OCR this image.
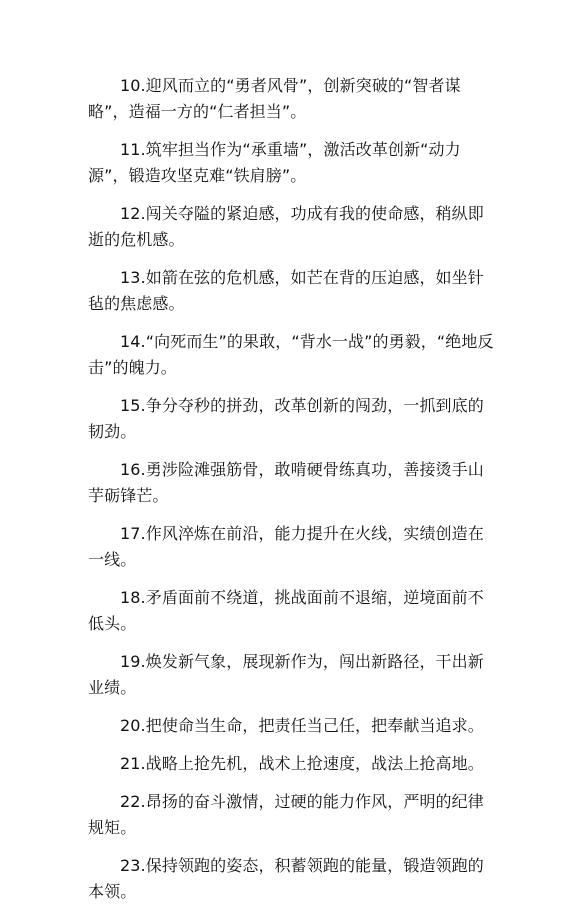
10.迎风而立的“勇者风骨”，创新突破的“智者谋略”，造福一方的“仁者担当”。

11.筑牢担当作为“承重墙”，激活改革创新“动力源”，锻造攻坚克难“铁肩膀”。

12.闯关夺隘的紧迫感，功成有我的使命感，稍纵即逝的危机感。

13.如箭在弦的危机感，如芒在背的压迫感，如坐针毡的焦虑感。

14.“向死而生”的果敢，“背水一战”的勇毅，“绝地反击”的魄力。

15.争分夺秒的拼劲，改革创新的闯劲，一抓到底的韧劲。

16.勇涉险滩强筋骨，敢啃硬骨练真功，善接烫手山芋砺锋芒。

17.作风淬炼在前沿，能力提升在火线，实绩创造在一线。

18.矛盾面前不绕道，挑战面前不退缩，逆境面前不低头。

19.焕发新气象，展现新作为，闯出新路径，干出新业绩。

20.把使命当生命，把责任当己任，把奉献当追求。

21.战略上抢先机，战术上抢速度，战法上抢高地。

22.昂扬的奋斗激情，过硬的能力作风，严明的纪律规矩。

23.保持领跑的姿态，积蓄领跑的能量，锻造领跑的本领。
